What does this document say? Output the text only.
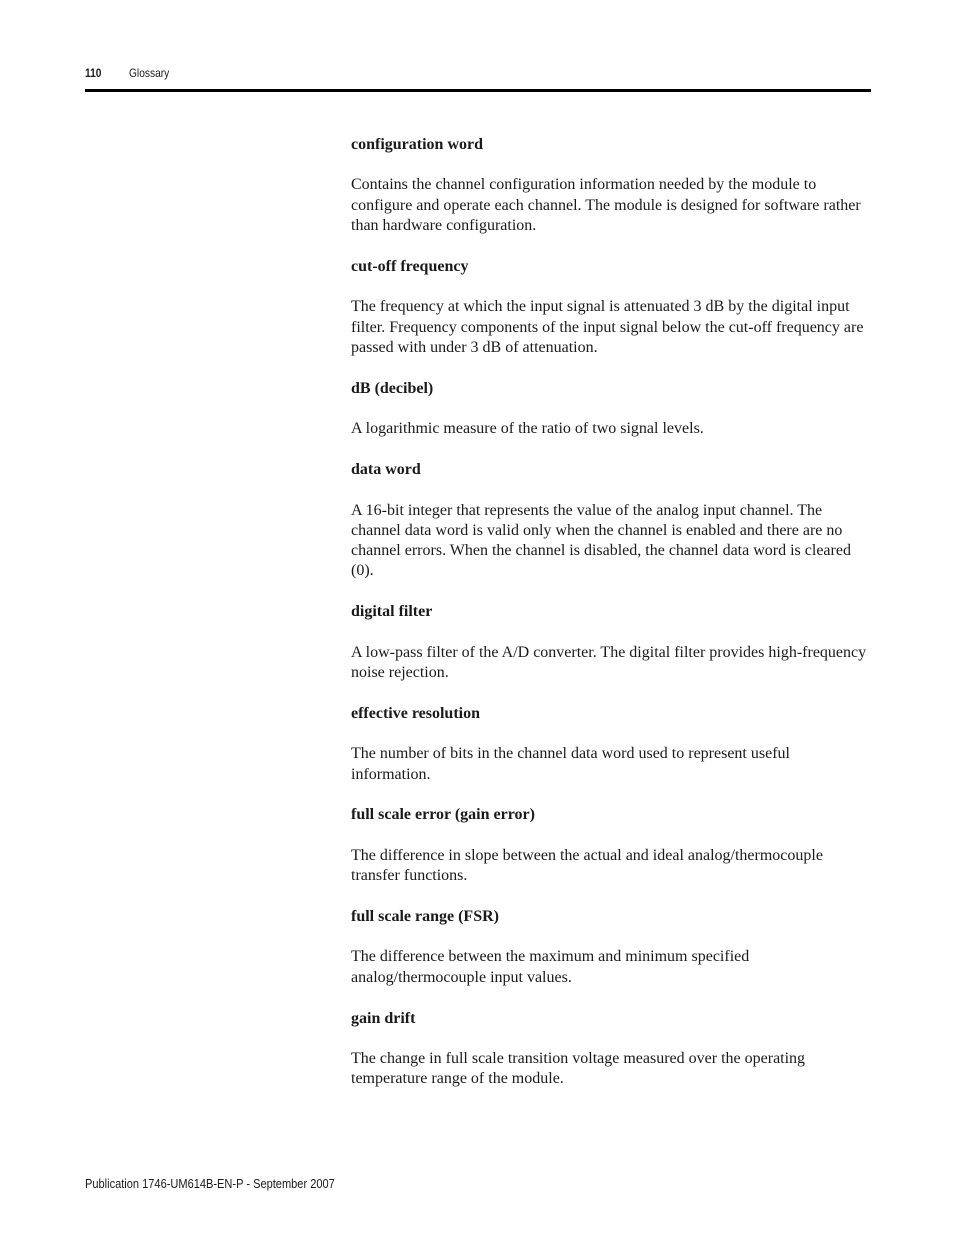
110 Glossary

configuration word

Contains the channel configuration information needed by the module to configure and operate each channel. The module is designed for software rather than hardware configuration.

cut-off frequency

The frequency at which the input signal is attenuated 3 dB by the digital input filter. Frequency components of the input signal below the cut-off frequency are passed with under 3 dB of attenuation.

dB (decibel)

A logarithmic measure of the ratio of two signal levels.

data word

A 16-bit integer that represents the value of the analog input channel. The channel data word is valid only when the channel is enabled and there are no channel errors. When the channel is disabled, the channel data word is cleared (0).

digital filter

A low-pass filter of the A/D converter. The digital filter provides high-frequency noise rejection.

effective resolution

The number of bits in the channel data word used to represent useful information.

full scale error (gain error)

The difference in slope between the actual and ideal analog/thermocouple transfer functions.

full scale range (FSR)

The difference between the maximum and minimum specified analog/thermocouple input values.

gain drift

The change in full scale transition voltage measured over the operating temperature range of the module.

Publication 1746-UM614B-EN-P - September 2007
